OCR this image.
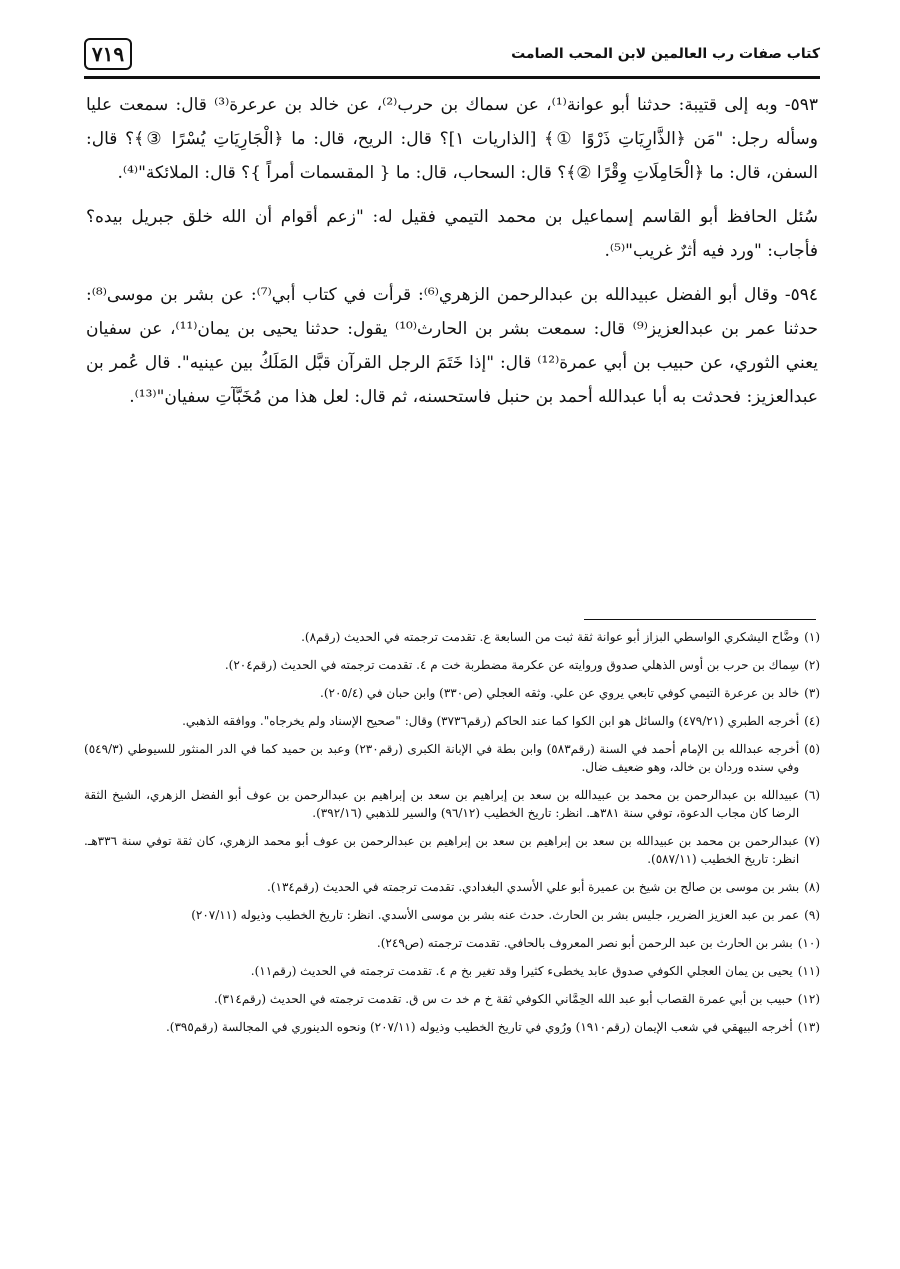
٧١٩	كتاب صفات رب العالمين لابن المحب الصامت

٥٩٣- وبه إلى قتيبة: حدثنا أبو عوانة⁽¹⁾، عن سماك بن حرب⁽²⁾، عن خالد بن عرعرة⁽³⁾ قال: سمعت عليا وسأله رجل: "مَن ﴿الذَّارِيَاتِ ذَرْوًا ①﴾ [الذاريات ١]؟ قال: الريح، قال: ما ﴿الْجَارِيَاتِ يُسْرًا ③﴾؟ قال: السفن، قال: ما ﴿الْحَامِلَاتِ وِقْرًا ②﴾؟ قال: السحاب، قال: ما { المقسمات أمراً }؟ قال: الملائكة"⁽⁴⁾.

سُئل الحافظ أبو القاسم إسماعيل بن محمد التيمي فقيل له: "زعم أقوام أن الله خلق جبريل بيده؟ فأجاب: "ورد فيه أثرٌ غريب"⁽⁵⁾.

٥٩٤- وقال أبو الفضل عبيدالله بن عبدالرحمن الزهري⁽⁶⁾: قرأت في كتاب أبي⁽⁷⁾: عن بشر بن موسى⁽⁸⁾: حدثنا عمر بن عبدالعزيز⁽⁹⁾ قال: سمعت بشر بن الحارث⁽¹⁰⁾ يقول: حدثنا يحيى بن يمان⁽¹¹⁾، عن سفيان يعني الثوري، عن حبيب بن أبي عمرة⁽¹²⁾ قال: "إذا خَتَمَ الرجل القرآن قبَّل المَلَكُ بين عينيه". قال عُمر بن عبدالعزيز: فحدثت به أبا عبدالله أحمد بن حنبل فاستحسنه، ثم قال: لعل هذا من مُخَبَّآتِ سفيان"⁽¹³⁾.

(١)
وضَّاح اليشكري الواسطي البزاز أبو عوانة ثقة ثبت من السابعة ع. تقدمت ترجمته في الحديث (رقم٨).
(٢)
سِماك بن حرب بن أوس الذهلي صدوق وروايته عن عكرمة مضطربة خت م ٤. تقدمت ترجمته في الحديث (رقم٢٠٤).
(٣)
خالد بن عرعرة التيمي كوفي تابعي يروي عن علي. وثقه العجلي (ص٣٣٠) وابن حبان في (٢٠٥/٤).
(٤)
أخرجه الطبري (٤٧٩/٢١) والسائل هو ابن الكوا كما عند الحاكم (رقم٣٧٣٦) وقال: "صحيح الإسناد ولم يخرجاه". ووافقه الذهبي.
(٥)
أخرجه عبدالله بن الإمام أحمد في السنة (رقم٥٨٣) وابن بطة في الإبانة الكبرى (رقم٢٣٠) وعبد بن حميد كما في الدر المنثور للسيوطي (٥٤٩/٣) وفي سنده وردان بن خالد، وهو ضعيف ضال.
(٦)
عبيدالله بن عبدالرحمن بن محمد بن عبيدالله بن سعد بن إبراهيم بن سعد بن إبراهيم بن عبدالرحمن بن عوف أبو الفضل الزهري، الشيخ الثقة الرضا كان مجاب الدعوة، توفي سنة ٣٨١هـ. انظر: تاريخ الخطيب (٩٦/١٢) والسير للذهبي (٣٩٢/١٦).
(٧)
عبدالرحمن بن محمد بن عبيدالله بن سعد بن إبراهيم بن سعد بن إبراهيم بن عبدالرحمن بن عوف أبو محمد الزهري، كان ثقة توفي سنة ٣٣٦هـ. انظر: تاريخ الخطيب (٥٨٧/١١).
(٨)
بشر بن موسى بن صالح بن شيخ بن عميرة أبو علي الأسدي البغدادي. تقدمت ترجمته في الحديث (رقم١٣٤).
(٩)
عمر بن عبد العزيز الضرير، جليس بشر بن الحارث. حدث عنه بشر بن موسى الأسدي. انظر: تاريخ الخطيب وذيوله (٢٠٧/١١)
(١٠)
بشر بن الحارث بن عبد الرحمن أبو نصر المعروف بالحافي. تقدمت ترجمته (ص٢٤٩).
(١١)
يحيى بن يمان العجلي الكوفي صدوق عابد يخطىء كثيرا وقد تغير بخ م ٤. تقدمت ترجمته في الحديث (رقم١١).
(١٢)
حبيب بن أبي عمرة القصاب أبو عبد الله الحِمَّاني الكوفي ثقة خ م خد ت س ق. تقدمت ترجمته في الحديث (رقم٣١٤).
(١٣)
أخرجه البيهقي في شعب الإيمان (رقم١٩١٠) ورُوي في تاريخ الخطيب وذيوله (٢٠٧/١١) ونحوه الدينوري في المجالسة (رقم٣٩٥).
